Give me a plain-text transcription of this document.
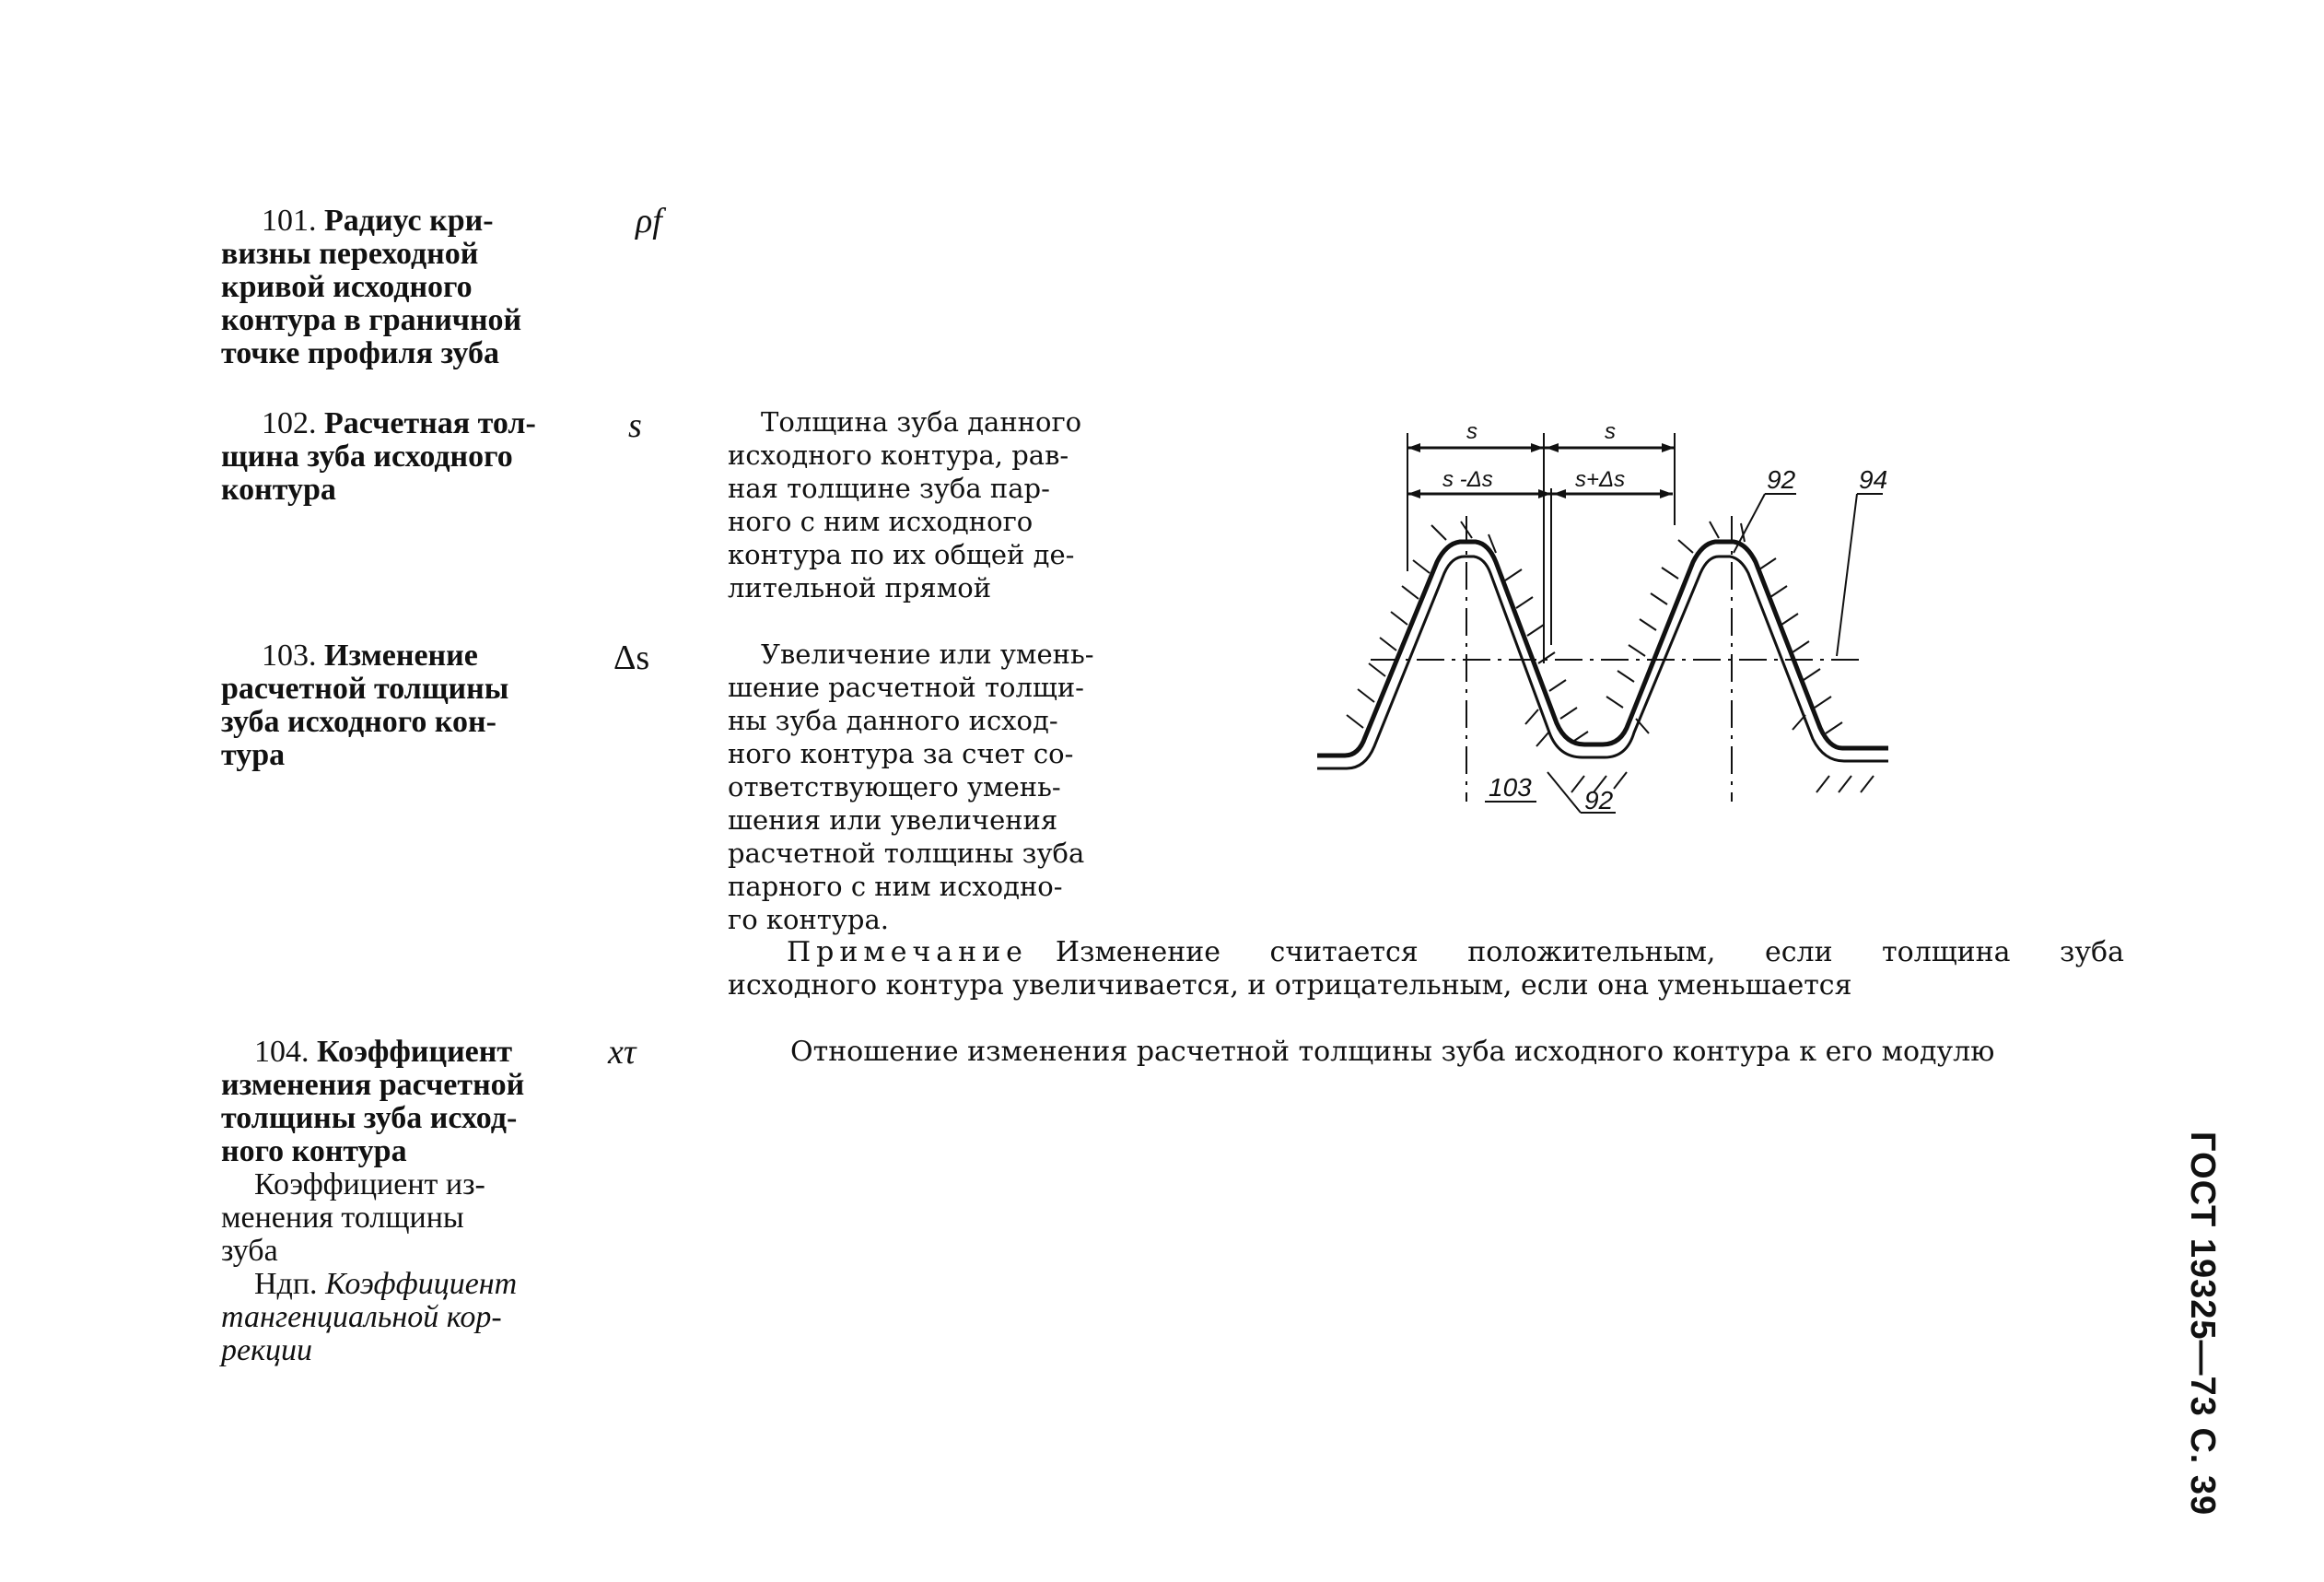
101. Радиус кри-
визны переходной
кривой исходного
контура в граничной
точке профиля зуба
ρf
102. Расчетная тол-
щина зуба исходного
контура
s	Толщина зуба данного
исходного контура, рав-
ная толщине зуба пар-
ного с ним исходного
контура по их общей де-
лительной прямой
103. Изменение
расчетной толщины
зуба исходного кон-
тура
Δs	Увеличение или умень-
шение расчетной толщи-
ны зуба данного исход-
ного контура за счет со-
ответствующего умень-
шения или увеличения
расчетной толщины зуба
парного с ним исходно-
го контура.
Примечание Изменение считается положительным, если толщина зуба
исходного контура увеличивается, и отрицательным, если она уменьшается
104. Коэффициент
изменения расчетной
толщины зуба исход-
ного контура
Коэффициент из-
менения толщины
зуба
Ндп. Коэффициент
тангенциальной кор-
рекции
xτ	Отношение изменения расчетной толщины зуба исходного контура к его модулю
ГОСТ 19325—73 С. 39
s	s
s -Δs	s+Δs	92 94
103 92
